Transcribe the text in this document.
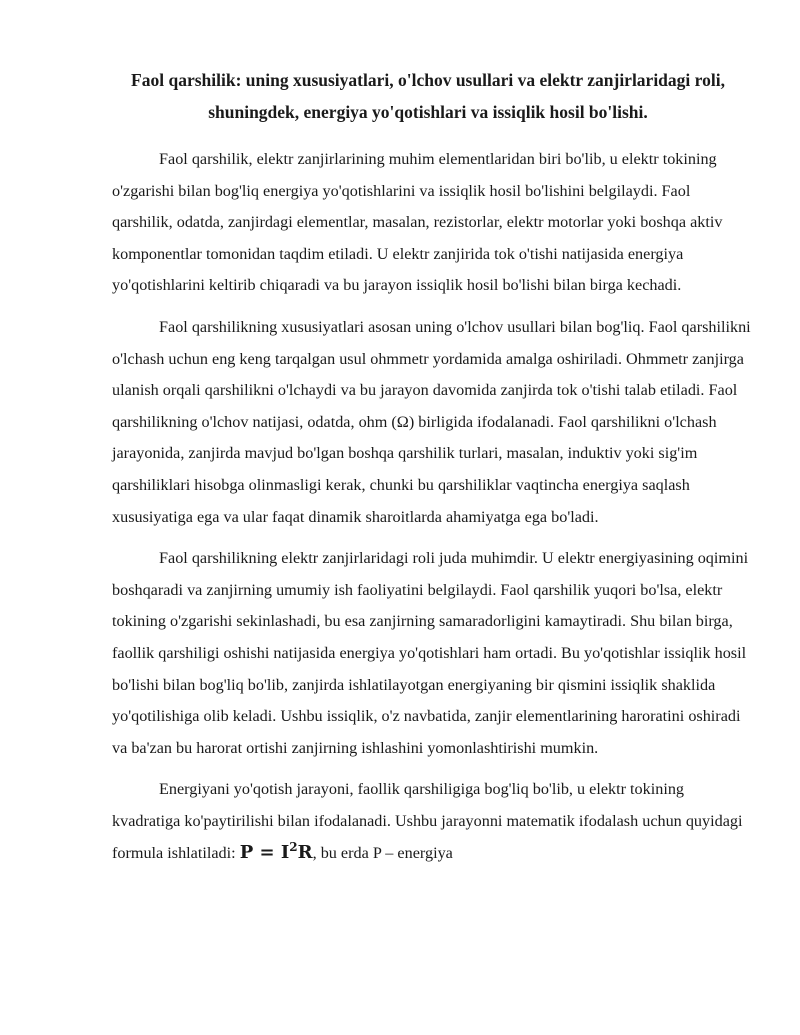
Faol qarshilik: uning xususiyatlari, o'lchov usullari va elektr zanjirlaridagi roli, shuningdek, energiya yo'qotishlari va issiqlik hosil bo'lishi.

Faol qarshilik, elektr zanjirlarining muhim elementlaridan biri bo'lib, u elektr tokining o'zgarishi bilan bog'liq energiya yo'qotishlarini va issiqlik hosil bo'lishini belgilaydi. Faol qarshilik, odatda, zanjirdagi elementlar, masalan, rezistorlar, elektr motorlar yoki boshqa aktiv komponentlar tomonidan taqdim etiladi. U elektr zanjirida tok o'tishi natijasida energiya yo'qotishlarini keltirib chiqaradi va bu jarayon issiqlik hosil bo'lishi bilan birga kechadi.

Faol qarshilikning xususiyatlari asosan uning o'lchov usullari bilan bog'liq. Faol qarshilikni o'lchash uchun eng keng tarqalgan usul ohmmetr yordamida amalga oshiriladi. Ohmmetr zanjirga ulanish orqali qarshilikni o'lchaydi va bu jarayon davomida zanjirda tok o'tishi talab etiladi. Faol qarshilikning o'lchov natijasi, odatda, ohm (Ω) birligida ifodalanadi. Faol qarshilikni o'lchash jarayonida, zanjirda mavjud bo'lgan boshqa qarshilik turlari, masalan, induktiv yoki sig'im qarshiliklari hisobga olinmasligi kerak, chunki bu qarshiliklar vaqtincha energiya saqlash xususiyatiga ega va ular faqat dinamik sharoitlarda ahamiyatga ega bo'ladi.

Faol qarshilikning elektr zanjirlaridagi roli juda muhimdir. U elektr energiyasining oqimini boshqaradi va zanjirning umumiy ish faoliyatini belgilaydi. Faol qarshilik yuqori bo'lsa, elektr tokining o'zgarishi sekinlashadi, bu esa zanjirning samaradorligini kamaytiradi. Shu bilan birga, faollik qarshiligi oshishi natijasida energiya yo'qotishlari ham ortadi. Bu yo'qotishlar issiqlik hosil bo'lishi bilan bog'liq bo'lib, zanjirda ishlatilayotgan energiyaning bir qismini issiqlik shaklida yo'qotilishiga olib keladi. Ushbu issiqlik, o'z navbatida, zanjir elementlarining haroratini oshiradi va ba'zan bu harorat ortishi zanjirning ishlashini yomonlashtirishi mumkin.

Energiyani yo'qotish jarayoni, faollik qarshiligiga bog'liq bo'lib, u elektr tokining kvadratiga ko'paytirilishi bilan ifodalanadi. Ushbu jarayonni matematik ifodalash uchun quyidagi formula ishlatiladi: $P = I^2R$, bu erda P – energiya
